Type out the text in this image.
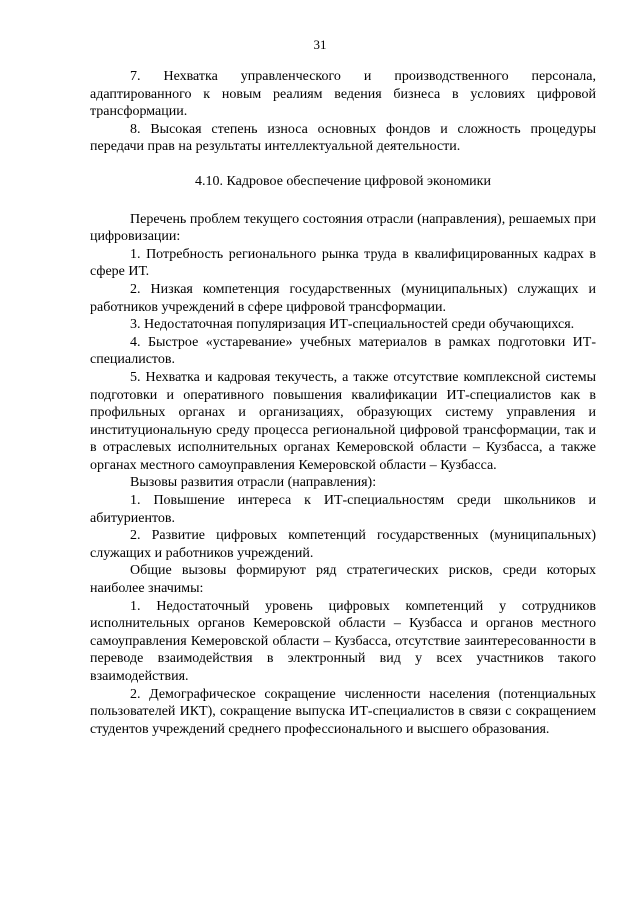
31

7. Нехватка управленческого и производственного персонала, адаптированного к новым реалиям ведения бизнеса в условиях цифровой трансформации.

8. Высокая степень износа основных фондов и сложность процедуры передачи прав на результаты интеллектуальной деятельности.

4.10. Кадровое обеспечение цифровой экономики

Перечень проблем текущего состояния отрасли (направления), решаемых при цифровизации:

1. Потребность регионального рынка труда в квалифицированных кадрах в сфере ИТ.

2. Низкая компетенция государственных (муниципальных) служащих и работников учреждений в сфере цифровой трансформации.

3. Недостаточная популяризация ИТ-специальностей среди обучающихся.

4. Быстрое «устаревание» учебных материалов в рамках подготовки ИТ-специалистов.

5. Нехватка и кадровая текучесть, а также отсутствие комплексной системы подготовки и оперативного повышения квалификации ИТ-специалистов как в профильных органах и организациях, образующих систему управления и институциональную среду процесса региональной цифровой трансформации, так и в отраслевых исполнительных органах Кемеровской области – Кузбасса, а также органах местного самоуправления Кемеровской области – Кузбасса.

Вызовы развития отрасли (направления):

1. Повышение интереса к ИТ-специальностям среди школьников и абитуриентов.

2. Развитие цифровых компетенций государственных (муниципальных) служащих и работников учреждений.

Общие вызовы формируют ряд стратегических рисков, среди которых наиболее значимы:

1. Недостаточный уровень цифровых компетенций у сотрудников исполнительных органов Кемеровской области – Кузбасса и органов местного самоуправления Кемеровской области – Кузбасса, отсутствие заинтересованности в переводе взаимодействия в электронный вид у всех участников такого взаимодействия.

2. Демографическое сокращение численности населения (потенциальных пользователей ИКТ), сокращение выпуска ИТ-специалистов в связи с сокращением студентов учреждений среднего профессионального и высшего образования.
